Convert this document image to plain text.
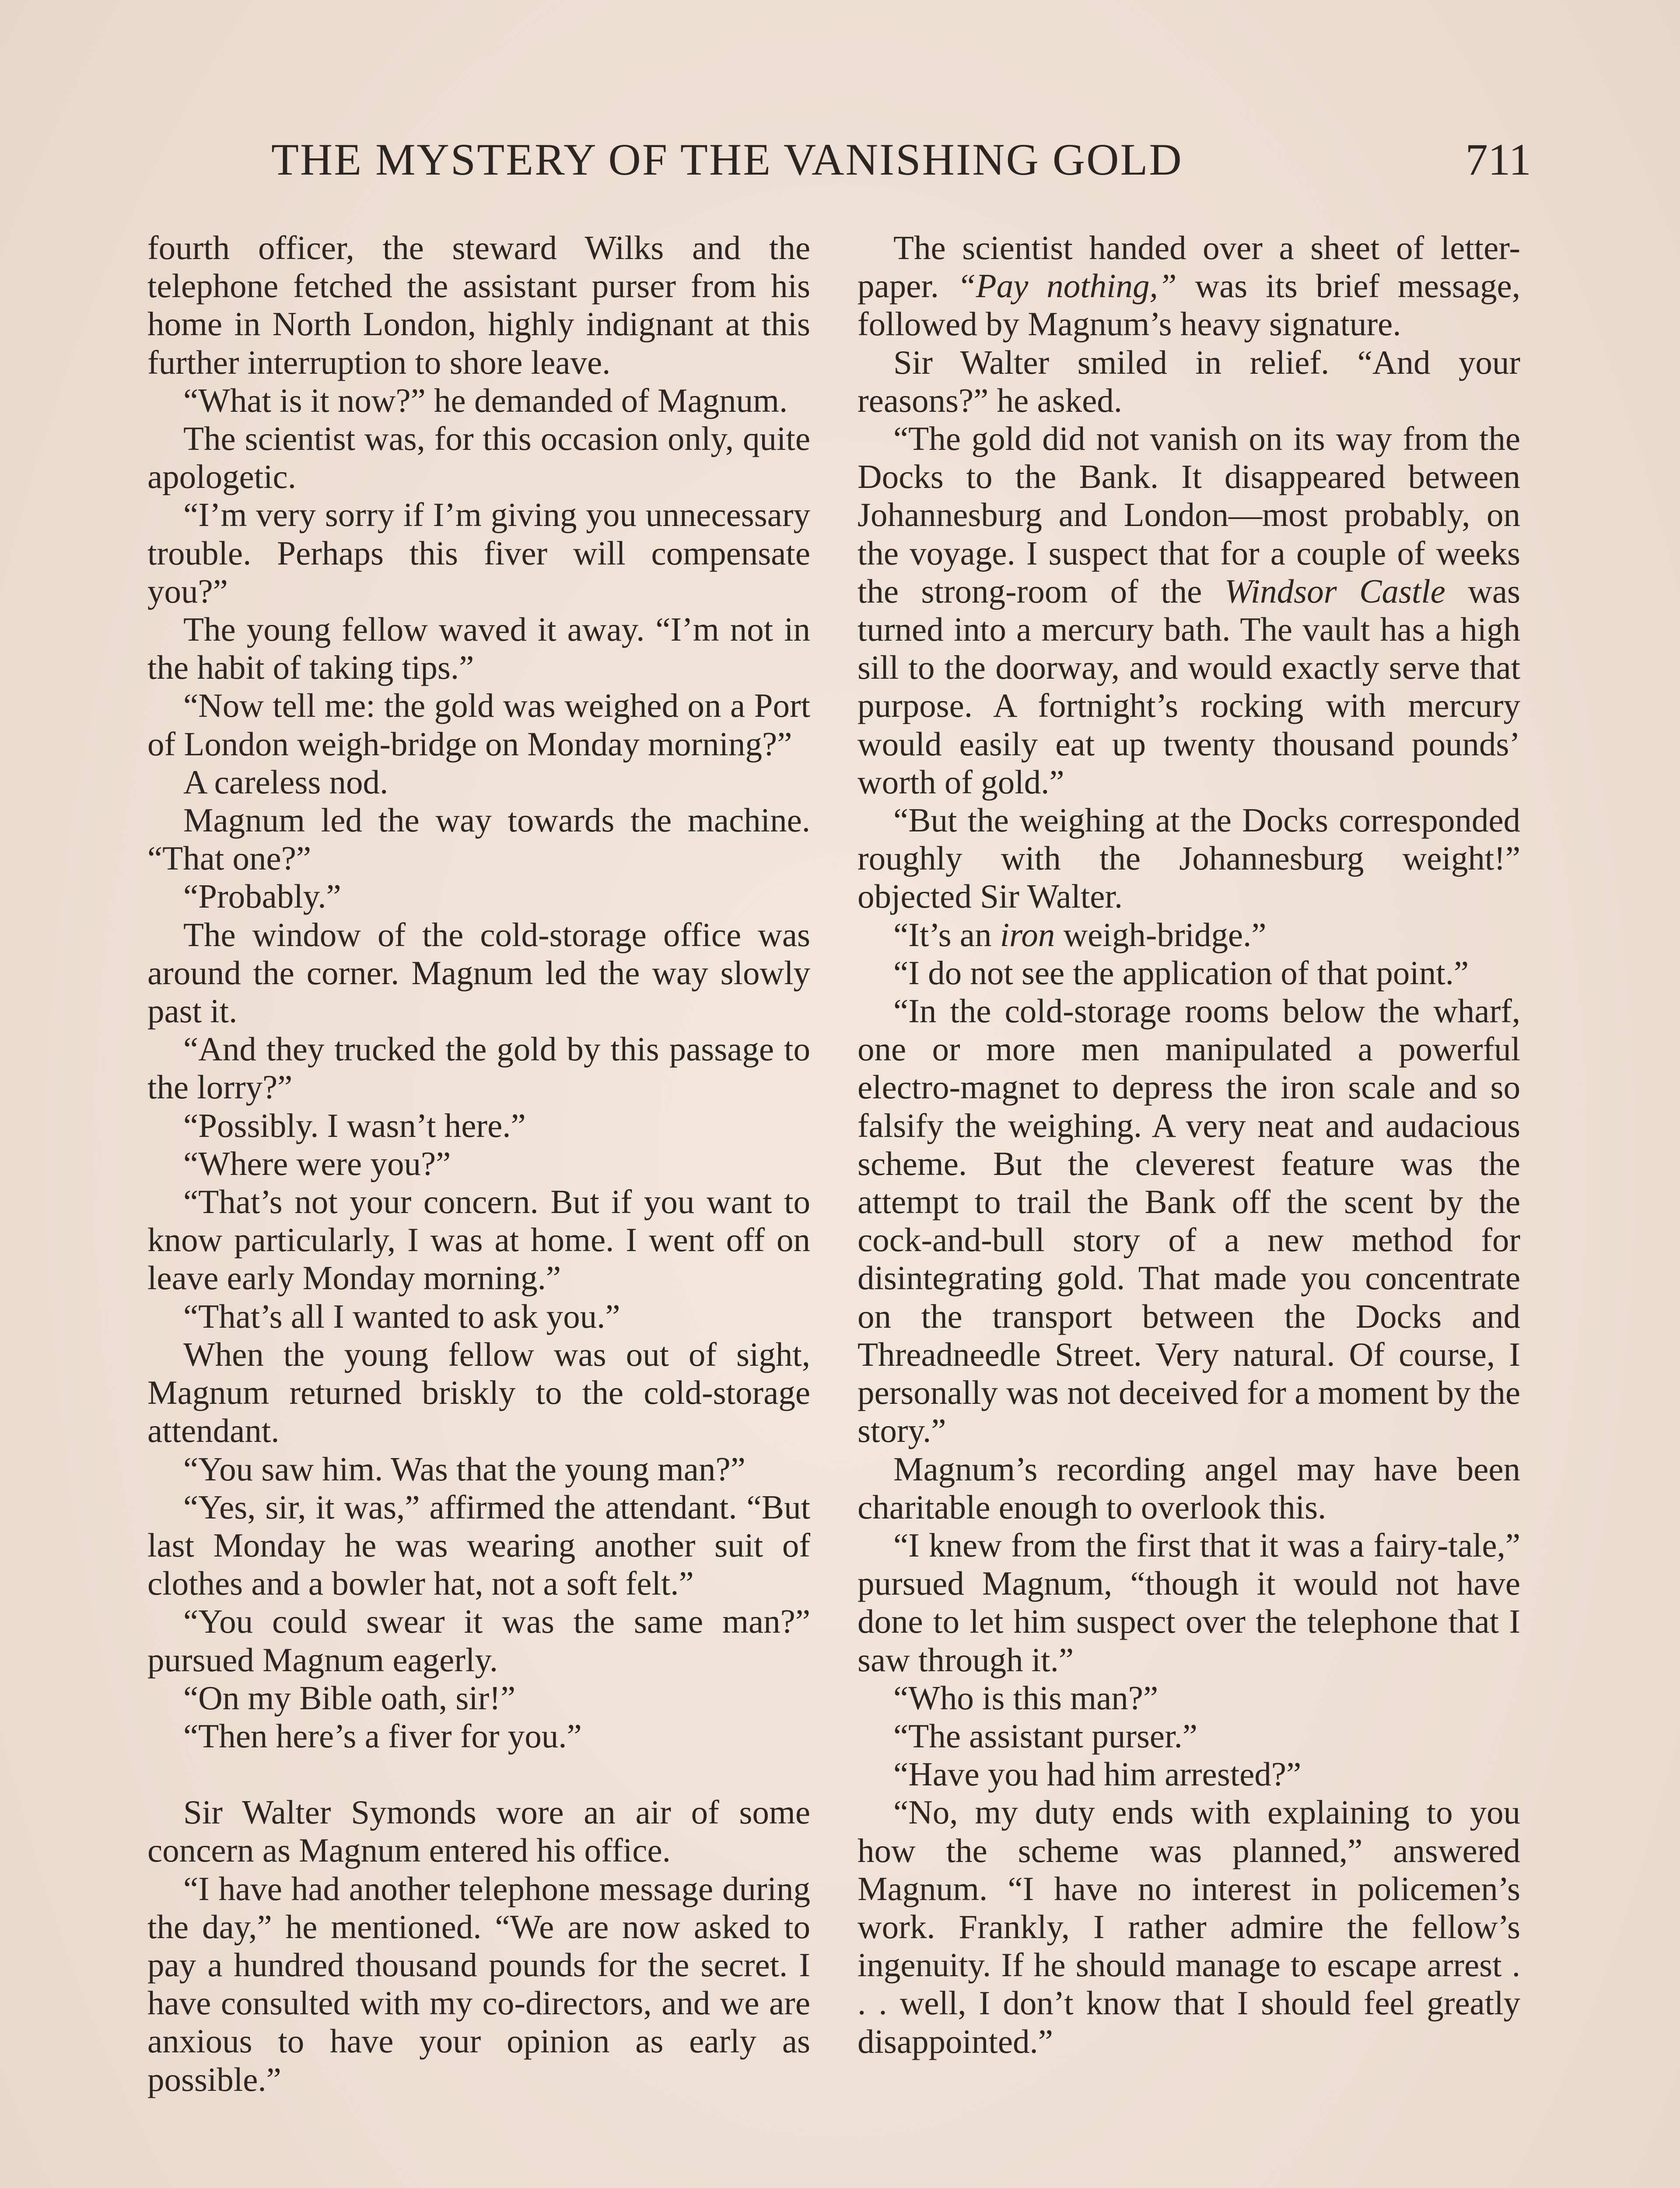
THE MYSTERY OF THE VANISHING GOLD	711

fourth officer, the steward Wilks and the telephone fetched the assistant purser from his home in North London, highly indignant at this further interruption to shore leave.

“What is it now?” he demanded of Magnum.

The scientist was, for this occasion only, quite apologetic.

“I’m very sorry if I’m giving you unnecessary trouble. Perhaps this fiver will compensate you?”

The young fellow waved it away. “I’m not in the habit of taking tips.”

“Now tell me: the gold was weighed on a Port of London weigh-bridge on Monday morning?”

A careless nod.

Magnum led the way towards the machine. “That one?”

“Probably.”

The window of the cold-storage office was around the corner. Magnum led the way slowly past it.

“And they trucked the gold by this passage to the lorry?”

“Possibly. I wasn’t here.”

“Where were you?”

“That’s not your concern. But if you want to know particularly, I was at home. I went off on leave early Monday morning.”

“That’s all I wanted to ask you.”

When the young fellow was out of sight, Magnum returned briskly to the cold-storage attendant.

“You saw him. Was that the young man?”

“Yes, sir, it was,” affirmed the attendant. “But last Monday he was wearing another suit of clothes and a bowler hat, not a soft felt.”

“You could swear it was the same man?” pursued Magnum eagerly.

“On my Bible oath, sir!”

“Then here’s a fiver for you.”

Sir Walter Symonds wore an air of some concern as Magnum entered his office.

“I have had another telephone message during the day,” he mentioned. “We are now asked to pay a hundred thousand pounds for the secret. I have consulted with my co-directors, and we are anxious to have your opinion as early as possible.”

The scientist handed over a sheet of letter-paper. “Pay nothing,” was its brief message, followed by Magnum’s heavy signature.

Sir Walter smiled in relief. “And your reasons?” he asked.

“The gold did not vanish on its way from the Docks to the Bank. It disappeared between Johannesburg and London—most probably, on the voyage. I suspect that for a couple of weeks the strong-room of the Windsor Castle was turned into a mercury bath. The vault has a high sill to the doorway, and would exactly serve that purpose. A fortnight’s rocking with mercury would easily eat up twenty thousand pounds’ worth of gold.”

“But the weighing at the Docks corresponded roughly with the Johannesburg weight!” objected Sir Walter.

“It’s an iron weigh-bridge.”

“I do not see the application of that point.”

“In the cold-storage rooms below the wharf, one or more men manipulated a powerful electro-magnet to depress the iron scale and so falsify the weighing. A very neat and audacious scheme. But the cleverest feature was the attempt to trail the Bank off the scent by the cock-and-bull story of a new method for disintegrating gold. That made you concentrate on the transport between the Docks and Threadneedle Street. Very natural. Of course, I personally was not deceived for a moment by the story.”

Magnum’s recording angel may have been charitable enough to overlook this.

“I knew from the first that it was a fairy-tale,” pursued Magnum, “though it would not have done to let him suspect over the telephone that I saw through it.”

“Who is this man?”

“The assistant purser.”

“Have you had him arrested?”

“No, my duty ends with explaining to you how the scheme was planned,” answered Magnum. “I have no interest in policemen’s work. Frankly, I rather admire the fellow’s ingenuity. If he should manage to escape arrest . . . well, I don’t know that I should feel greatly disappointed.”
